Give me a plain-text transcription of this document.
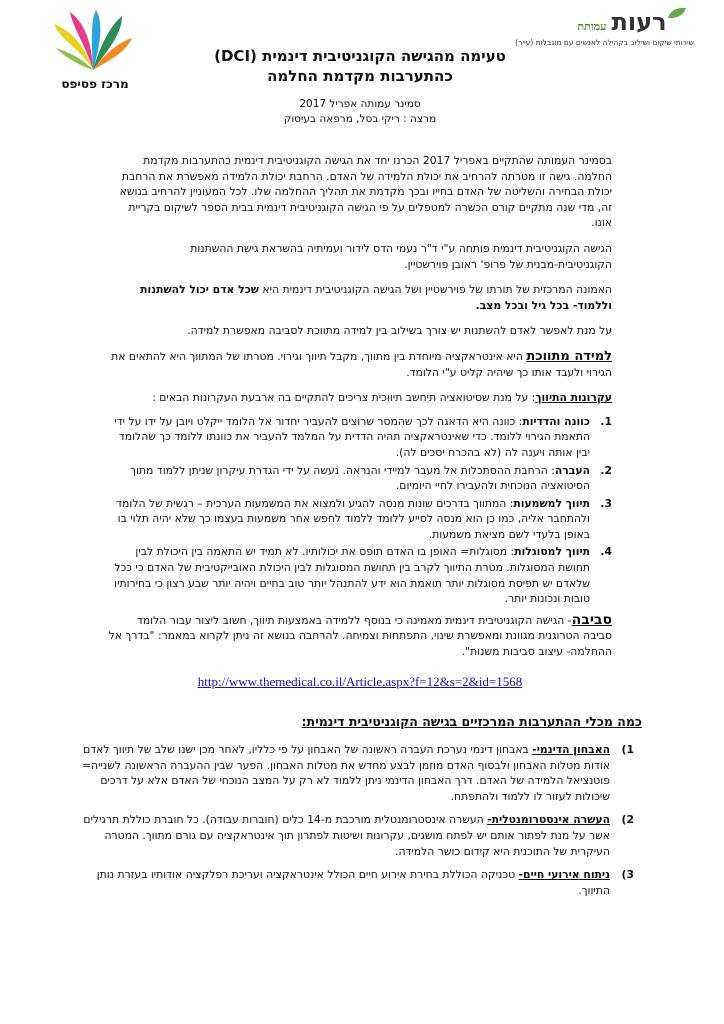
מרכז פסיפס
רעות עמותת
שירותי שיקום ושילוב בקהילה לאנשים עם מוגבלות (עייר)
טעימה מהגישה הקוגניטיבית דינמית (DCI)
כהתערבות מקדמת החלמה
סמינר עמותה אפריל 2017
מרצה : ריקי בסל, מרפאה בעיסוק

בסמינר העמותה שהתקיים באפריל 2017 הכרנו יחד את הגישה הקוגניטיבית דינמית כהתערבות מקדמת החלמה. גישה זו מטרתה להרחיב את יכולת הלמידה של האדם. הרחבת יכולת הלמידה מאפשרת את הרחבת יכולת הבחירה והשליטה של האדם בחייו ובכך מקדמת את תהליך ההחלמה שלו. לכל המעוניין להרחיב בנושא זה, מדי שנה מתקיים קורס הכשרה למטפלים על פי הגישה הקוגניטיבית דינמית בבית הספר לשיקום בקריית אונו.

הגישה הקוגניטיבית דינמית פותחה ע"י ד"ר נעמי הדס לידור ועמיתיה בהשראת גישת ההשתנות הקוגניטיבית-מבנית של פרופ' ראובן פוירשטיין.

האמונה המרכזית של תורתו של פוירשטיין ושל הגישה הקוגניטיבית דינמית היא שכל אדם יכול להשתנות וללמוד- בכל גיל ובכל מצב.

על מנת לאפשר לאדם להשתנות יש צורך בשילוב בין למידה מתווכת לסביבה מאפשרת למידה.

למידה מתווכת היא אינטראקציה מיוחדת בין מתווך, מקבל תיווך וגירוי. מטרתו של המתווך היא להתאים את הגירוי ולעבד אותו כך שיהיה קליט ע"י הלומד.

עקרונות התיווך: על מנת שסיטואציה תיחשב תיווכית צריכים להתקיים בה ארבעת העקרונות הבאים :

1.
כוונה והדדיות: כוונה היא הדאגה לכך שהמסר שרוצים להעביר יחדור אל הלומד ייקלט ויובן על ידו על ידי התאמת הגירוי ללומד. כדי שאינטראקציה תהיה הדדית על המלמד להעביר את כוונתו ללומד כך שהלומד יבין אותה ויענה לה (לא בהכרח יסכים לה).
2.
העברה: הרחבת ההסתכלות אל מעבר למיידי והנראה. נעשה על ידי הגדרת עיקרון שניתן ללמוד מתוך הסיטואציה הנוכחית ולהעבירו לחיי היומיום.
3.
תיווך למשמעות: המתווך בדרכים שונות מנסה להגיע ולמצוא את המשמעות הערכית – רגשית של הלומד ולהתחבר אליה, כמו כן הוא מנסה לסייע ללומד ללמוד לחפש אחר משמעות בעצמו כך שלא יהיה תלוי בו באופן בלעדי לשם מציאת משמעות.
4.
תיווך למסוגלות: מסוגלות= האופן בו האדם תופס את יכולותיו. לא תמיד יש התאמה בין היכולת לבין תחושת המסוגלות. מטרת התיווך לקרב בין תחושת המסוגלות לבין היכולת האובייקטיבית של האדם כי ככל שלאדם יש תפיסת מסוגלות יותר תואמת הוא ידע להתנהל יותר טוב בחיים ויהיה יותר שבע רצון כי בחירותיו טובות ונכונות יותר.

סביבה- הגישה הקוגניטיבית דינמית מאמינה כי בנוסף ללמידה באמצעות תיווך, חשוב ליצור עבור הלומד סביבה הטרוגנית מגוונת ומאפשרת שינוי, התפתחות וצמיחה. להרחבה בנושא זה ניתן לקרוא במאמר: "בדרך אל ההחלמה- עיצוב סביבות משנות".

http://www.themedical.co.il/Article.aspx?f=12&s=2&id=1568
כמה מכלי ההתערבות המרכזיים בגישה הקוגניטיבית דינמית:
1)
האבחון הדינמי- באבחון דינמי נערכת העברה ראשונה של האבחון על פי כלליו, לאחר מכן ישנו שלב של תיווך לאדם אודות מטלות האבחון ולבסוף האדם מוזמן לבצע מחדש את מטלות האבחון. הפער שבין ההעברה הראשונה לשנייה= פוטנציאל הלמידה של האדם. דרך האבחון הדינמי ניתן ללמוד לא רק על המצב הנוכחי של האדם אלא על דרכים שיכולות לעזור לו ללמוד ולהתפתח.
2)
העשרה אינסטרומנטלית- העשרה אינסטרומנטלית מורכבת מ-14 כלים (חוברות עבודה). כל חוברת כוללת תרגילים אשר על מנת לפתור אותם יש לפתח מושגים, עקרונות ושיטות לפתרון תוך אינטראקציה עם גורם מתווך. המטרה העיקרית של התוכנית היא קידום כושר הלמידה.
3)
ניתוח אירועי חיים- טכניקה הכוללת בחירת אירוע חיים הכולל אינטראקציה ועריכת רפלקציה אודותיו בעזרת נותן התיווך.
